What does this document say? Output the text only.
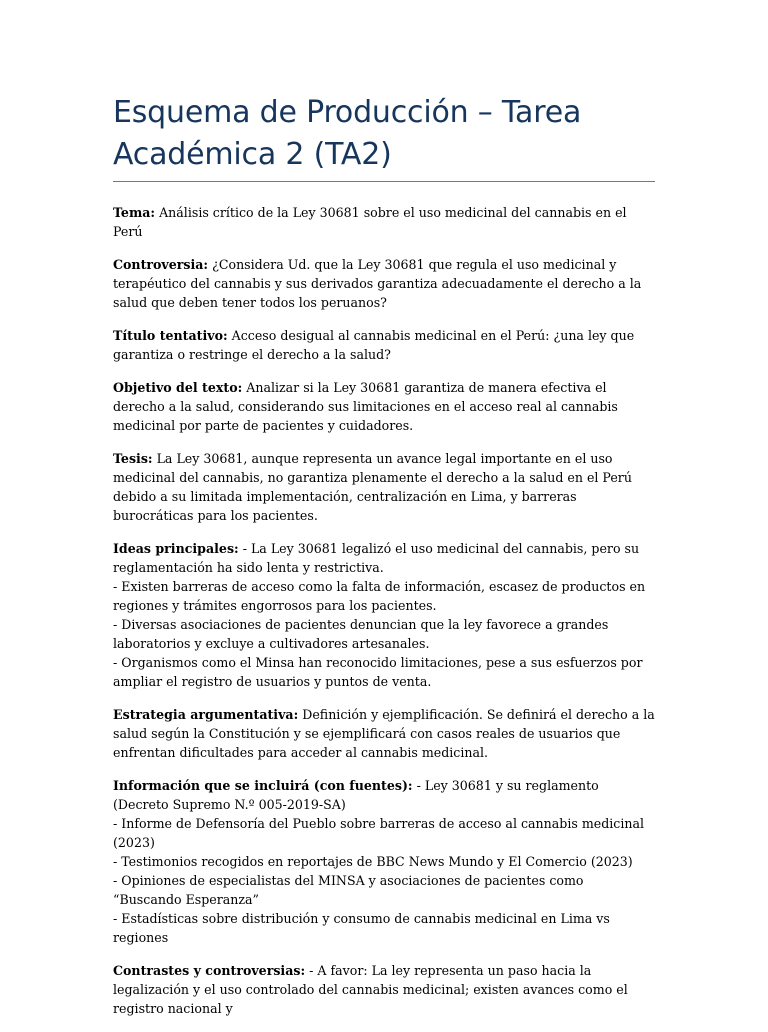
Esquema de Producción – Tarea Académica 2 (TA2)

Tema: Análisis crítico de la Ley 30681 sobre el uso medicinal del cannabis en el Perú

Controversia: ¿Considera Ud. que la Ley 30681 que regula el uso medicinal y terapéutico del cannabis y sus derivados garantiza adecuadamente el derecho a la salud que deben tener todos los peruanos?

Título tentativo: Acceso desigual al cannabis medicinal en el Perú: ¿una ley que garantiza o restringe el derecho a la salud?

Objetivo del texto: Analizar si la Ley 30681 garantiza de manera efectiva el derecho a la salud, considerando sus limitaciones en el acceso real al cannabis medicinal por parte de pacientes y cuidadores.

Tesis: La Ley 30681, aunque representa un avance legal importante en el uso medicinal del cannabis, no garantiza plenamente el derecho a la salud en el Perú debido a su limitada implementación, centralización en Lima, y barreras burocráticas para los pacientes.

Ideas principales: - La Ley 30681 legalizó el uso medicinal del cannabis, pero su reglamentación ha sido lenta y restrictiva.
- Existen barreras de acceso como la falta de información, escasez de productos en regiones y trámites engorrosos para los pacientes.
- Diversas asociaciones de pacientes denuncian que la ley favorece a grandes laboratorios y excluye a cultivadores artesanales.
- Organismos como el Minsa han reconocido limitaciones, pese a sus esfuerzos por ampliar el registro de usuarios y puntos de venta.

Estrategia argumentativa: Definición y ejemplificación. Se definirá el derecho a la salud según la Constitución y se ejemplificará con casos reales de usuarios que enfrentan dificultades para acceder al cannabis medicinal.

Información que se incluirá (con fuentes): - Ley 30681 y su reglamento (Decreto Supremo N.º 005-2019-SA)
- Informe de Defensoría del Pueblo sobre barreras de acceso al cannabis medicinal (2023)
- Testimonios recogidos en reportajes de BBC News Mundo y El Comercio (2023)
- Opiniones de especialistas del MINSA y asociaciones de pacientes como “Buscando Esperanza”
- Estadísticas sobre distribución y consumo de cannabis medicinal en Lima vs regiones

Contrastes y controversias: - A favor: La ley representa un paso hacia la legalización y el uso controlado del cannabis medicinal; existen avances como el registro nacional y
